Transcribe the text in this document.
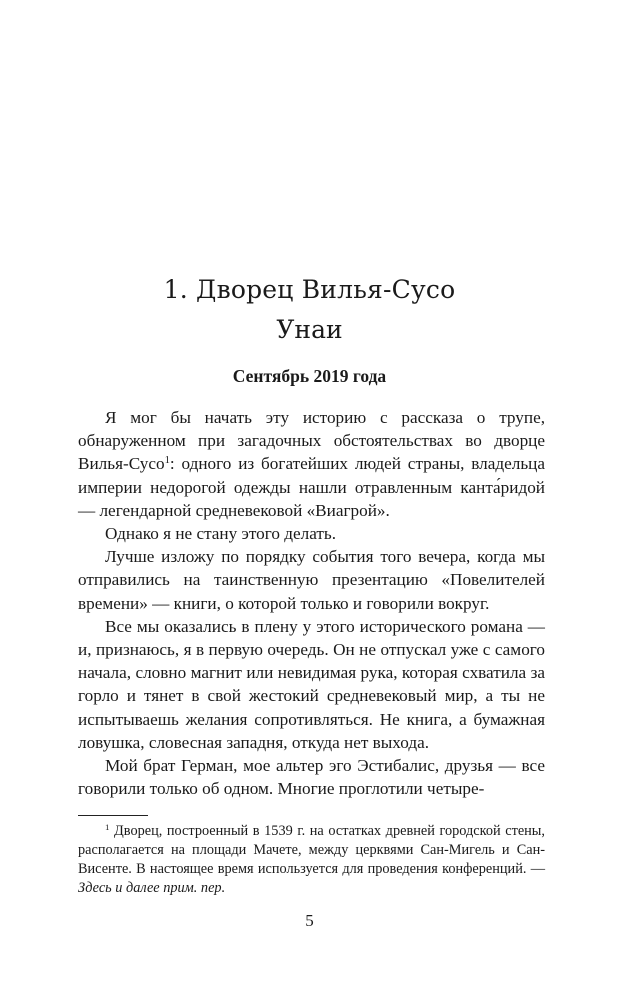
1. Дворец Вилья-Сусо
Унаи
Сентябрь 2019 года

Я мог бы начать эту историю с рассказа о трупе, обнаруженном при загадочных обстоятельствах во дворце Вилья-Сусо$^1$: одного из богатейших людей страны, владельца империи недорогой одежды нашли отравленным канта́ридой — легендарной средневековой «Виагрой».

Однако я не стану этого делать.

Лучше изложу по порядку события того вечера, когда мы отправились на таинственную презентацию «Повелителей времени» — книги, о которой только и говорили вокруг.

Все мы оказались в плену у этого исторического романа — и, признаюсь, я в первую очередь. Он не отпускал уже с самого начала, словно магнит или невидимая рука, которая схватила за горло и тянет в свой жестокий средневековый мир, а ты не испытываешь желания сопротивляться. Не книга, а бумажная ловушка, словесная западня, откуда нет выхода.

Мой брат Герман, мое альтер эго Эстибалис, друзья — все говорили только об одном. Многие проглотили четыре-

$^1$ Дворец, построенный в 1539 г. на остатках древней городской стены, располагается на площади Мачете, между церквями Сан-Мигель и Сан-Висенте. В настоящее время используется для проведения конференций. — Здесь и далее прим. пер.
5
